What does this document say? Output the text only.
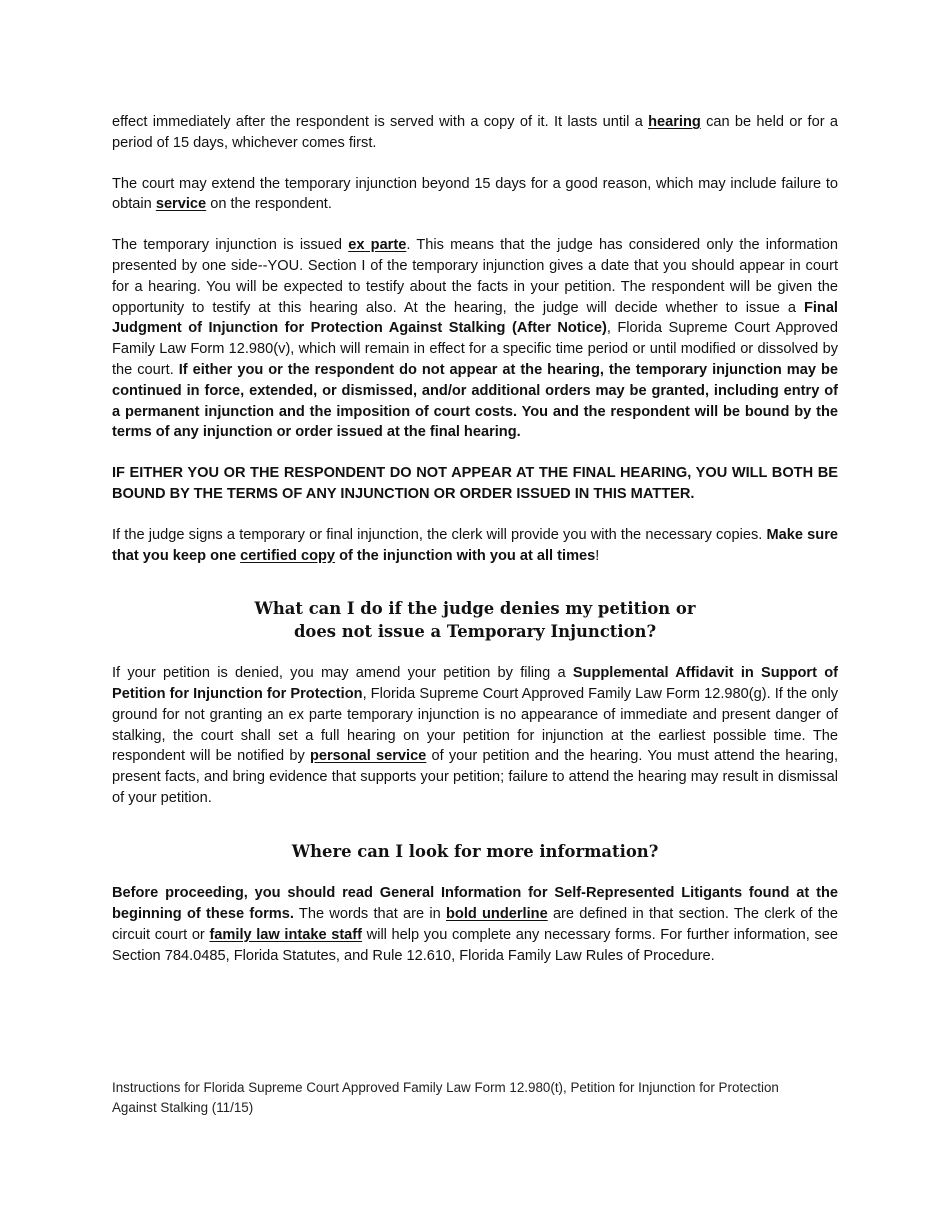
effect immediately after the respondent is served with a copy of it. It lasts until a hearing can be held or for a period of 15 days, whichever comes first.

The court may extend the temporary injunction beyond 15 days for a good reason, which may include failure to obtain service on the respondent.

The temporary injunction is issued ex parte. This means that the judge has considered only the information presented by one side--YOU. Section I of the temporary injunction gives a date that you should appear in court for a hearing. You will be expected to testify about the facts in your petition. The respondent will be given the opportunity to testify at this hearing also. At the hearing, the judge will decide whether to issue a Final Judgment of Injunction for Protection Against Stalking (After Notice), Florida Supreme Court Approved Family Law Form 12.980(v), which will remain in effect for a specific time period or until modified or dissolved by the court. If either you or the respondent do not appear at the hearing, the temporary injunction may be continued in force, extended, or dismissed, and/or additional orders may be granted, including entry of a permanent injunction and the imposition of court costs. You and the respondent will be bound by the terms of any injunction or order issued at the final hearing.

IF EITHER YOU OR THE RESPONDENT DO NOT APPEAR AT THE FINAL HEARING, YOU WILL BOTH BE BOUND BY THE TERMS OF ANY INJUNCTION OR ORDER ISSUED IN THIS MATTER.

If the judge signs a temporary or final injunction, the clerk will provide you with the necessary copies. Make sure that you keep one certified copy of the injunction with you at all times!

What can I do if the judge denies my petition or
does not issue a Temporary Injunction?

If your petition is denied, you may amend your petition by filing a Supplemental Affidavit in Support of Petition for Injunction for Protection, Florida Supreme Court Approved Family Law Form 12.980(g). If the only ground for not granting an ex parte temporary injunction is no appearance of immediate and present danger of stalking, the court shall set a full hearing on your petition for injunction at the earliest possible time. The respondent will be notified by personal service of your petition and the hearing. You must attend the hearing, present facts, and bring evidence that supports your petition; failure to attend the hearing may result in dismissal of your petition.

Where can I look for more information?

Before proceeding, you should read General Information for Self-Represented Litigants found at the beginning of these forms. The words that are in bold underline are defined in that section. The clerk of the circuit court or family law intake staff will help you complete any necessary forms. For further information, see Section 784.0485, Florida Statutes, and Rule 12.610, Florida Family Law Rules of Procedure.

Instructions for Florida Supreme Court Approved Family Law Form 12.980(t), Petition for Injunction for Protection
Against Stalking (11/15)
